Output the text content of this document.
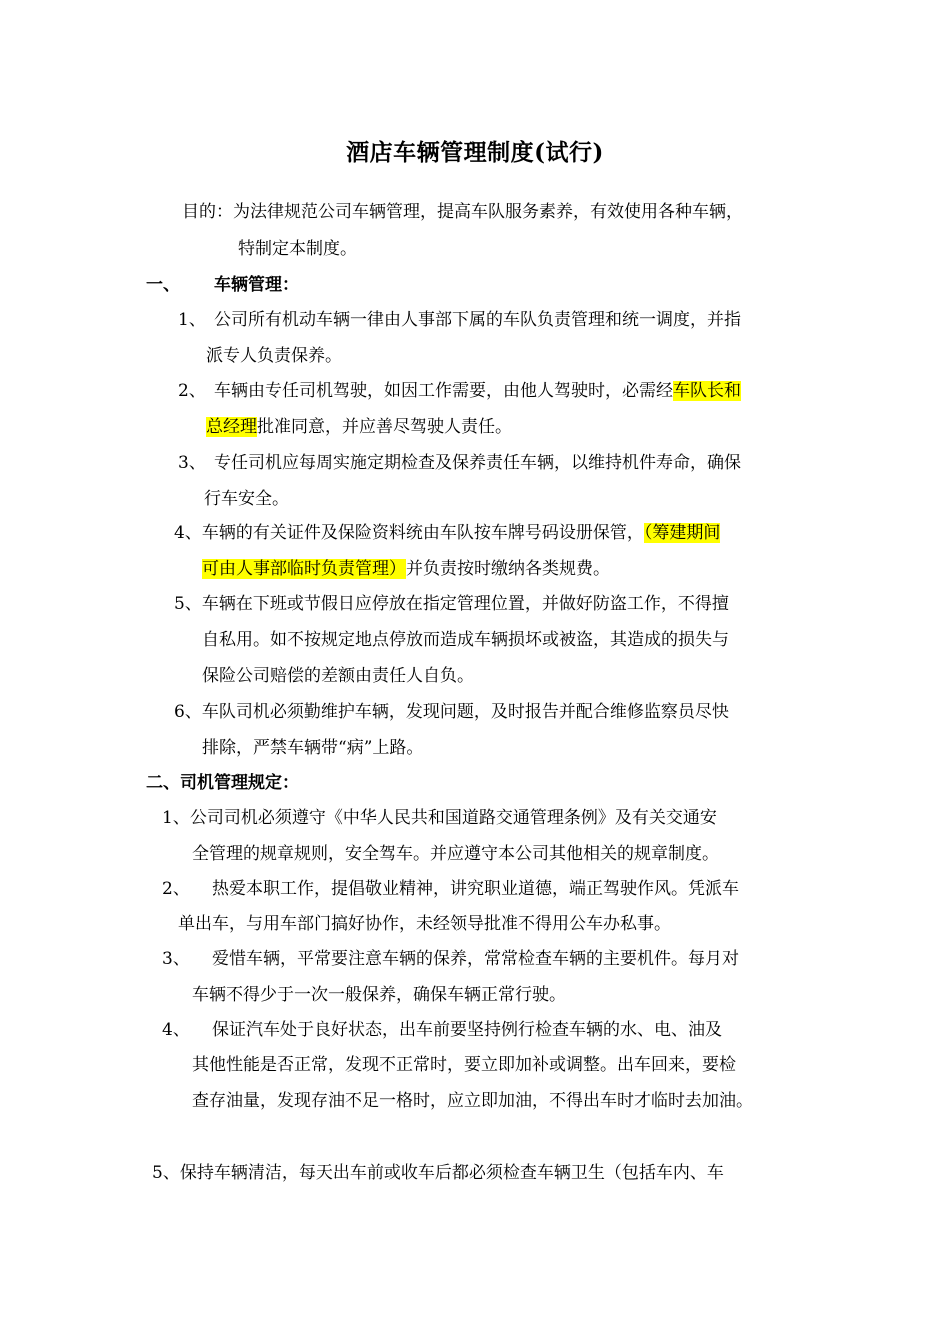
酒店车辆管理制度(试行)
目的：为法律规范公司车辆管理，提高车队服务素养，有效使用各种车辆，
特制定本制度。
一、 车辆管理：
1、 公司所有机动车辆一律由人事部下属的车队负责管理和统一调度，并指
派专人负责保养。
2、 车辆由专任司机驾驶，如因工作需要，由他人驾驶时，必需经车队长和
总经理批准同意，并应善尽驾驶人责任。
3、 专任司机应每周实施定期检查及保养责任车辆，以维持机件寿命，确保
行车安全。
4、车辆的有关证件及保险资料统由车队按车牌号码设册保管，（筹建期间
可由人事部临时负责管理）并负责按时缴纳各类规费。
5、车辆在下班或节假日应停放在指定管理位置，并做好防盗工作，不得擅
自私用。如不按规定地点停放而造成车辆损坏或被盗，其造成的损失与
保险公司赔偿的差额由责任人自负。
6、车队司机必须勤维护车辆，发现问题，及时报告并配合维修监察员尽快
排除，严禁车辆带“病”上路。
二、司机管理规定：
1、公司司机必须遵守《中华人民共和国道路交通管理条例》及有关交通安
全管理的规章规则，安全驾车。并应遵守本公司其他相关的规章制度。
2、 热爱本职工作，提倡敬业精神，讲究职业道德，端正驾驶作风。凭派车
单出车，与用车部门搞好协作，未经领导批准不得用公车办私事。
3、 爱惜车辆，平常要注意车辆的保养，常常检查车辆的主要机件。每月对
车辆不得少于一次一般保养，确保车辆正常行驶。
4、 保证汽车处于良好状态，出车前要坚持例行检查车辆的水、电、油及
其他性能是否正常，发现不正常时，要立即加补或调整。出车回来，要检
查存油量，发现存油不足一格时，应立即加油，不得出车时才临时去加油。
5、保持车辆清洁，每天出车前或收车后都必须检查车辆卫生（包括车内、车
